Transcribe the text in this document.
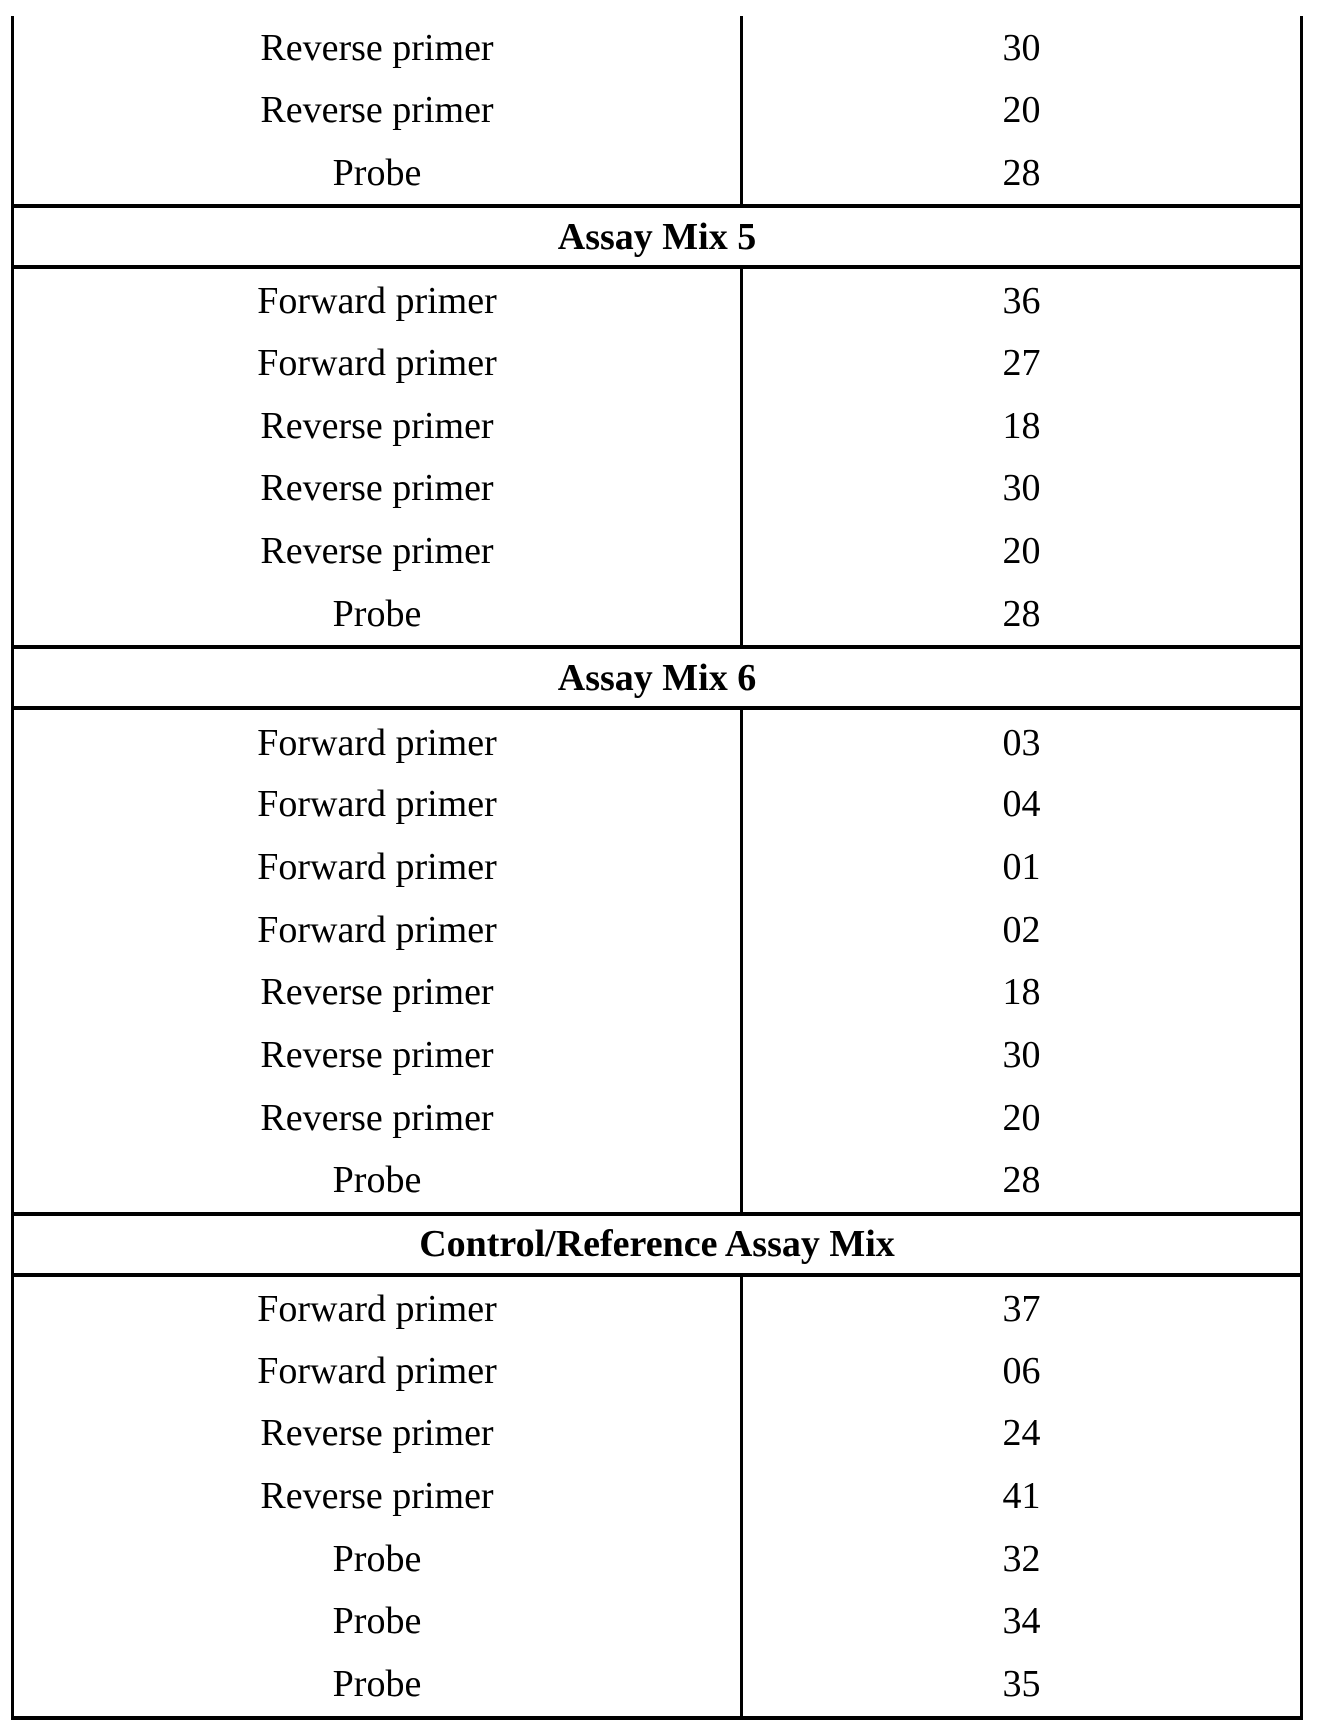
Reverse primer	30
Reverse primer	20
Probe	28
Assay Mix 5
Forward primer	36
Forward primer	27
Reverse primer	18
Reverse primer	30
Reverse primer	20
Probe	28
Assay Mix 6
Forward primer	03
Forward primer	04
Forward primer	01
Forward primer	02
Reverse primer	18
Reverse primer	30
Reverse primer	20
Probe	28
Control/Reference Assay Mix
Forward primer	37
Forward primer	06
Reverse primer	24
Reverse primer	41
Probe	32
Probe	34
Probe	35
